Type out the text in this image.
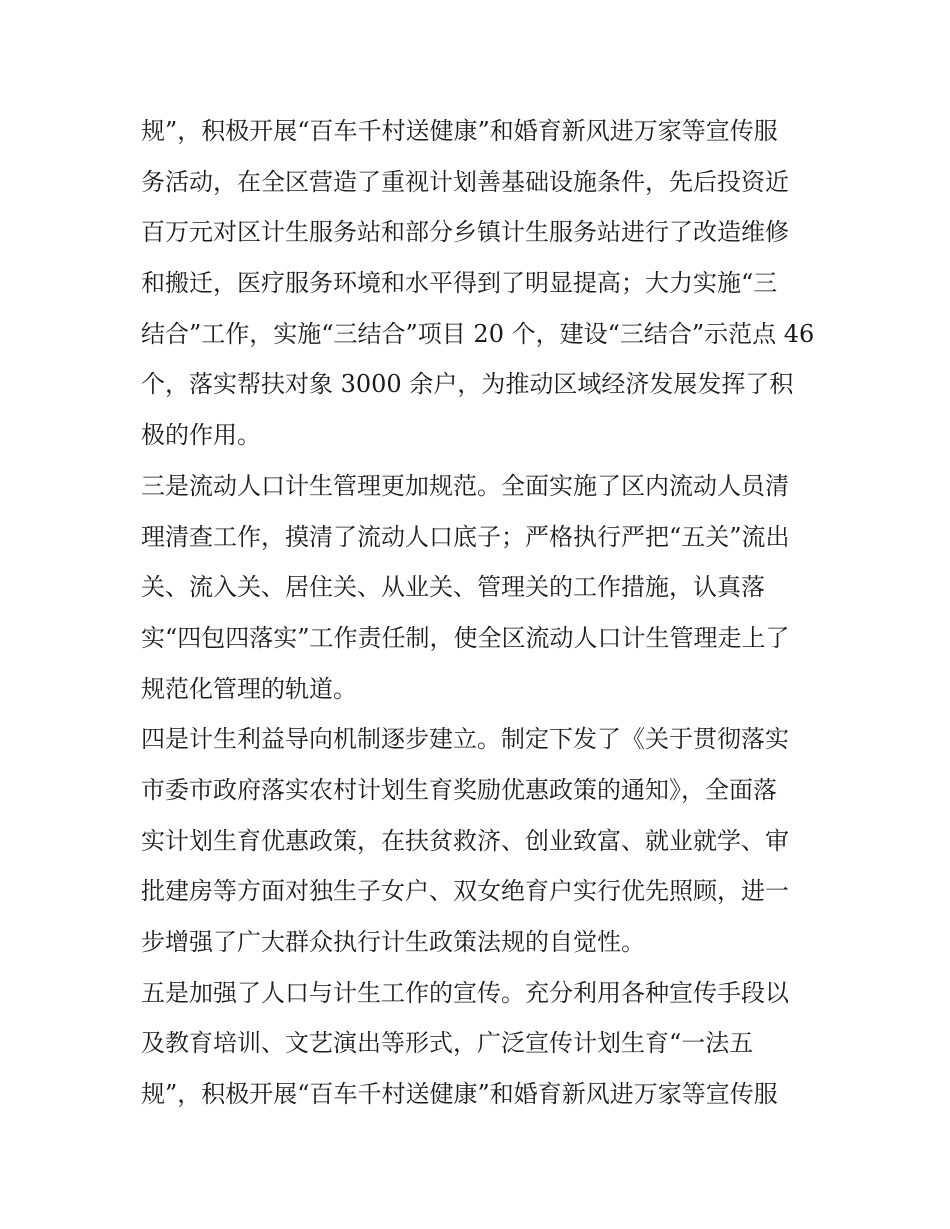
规”，积极开展“百车千村送健康”和婚育新风进万家等宣传服
务活动，在全区营造了重视计划善基础设施条件，先后投资近
百万元对区计生服务站和部分乡镇计生服务站进行了改造维修
和搬迁，医疗服务环境和水平得到了明显提高；大力实施“三
结合”工作，实施“三结合”项目 20 个，建设“三结合”示范点 46
个，落实帮扶对象 3000 余户，为推动区域经济发展发挥了积
极的作用。
三是流动人口计生管理更加规范。全面实施了区内流动人员清
理清查工作，摸清了流动人口底子；严格执行严把“五关”流出
关、流入关、居住关、从业关、管理关的工作措施，认真落
实“四包四落实”工作责任制，使全区流动人口计生管理走上了
规范化管理的轨道。
四是计生利益导向机制逐步建立。制定下发了《关于贯彻落实
市委市政府落实农村计划生育奖励优惠政策的通知》，全面落
实计划生育优惠政策，在扶贫救济、创业致富、就业就学、审
批建房等方面对独生子女户、双女绝育户实行优先照顾，进一
步增强了广大群众执行计生政策法规的自觉性。
五是加强了人口与计生工作的宣传。充分利用各种宣传手段以
及教育培训、文艺演出等形式，广泛宣传计划生育“一法五
规”，积极开展“百车千村送健康”和婚育新风进万家等宣传服
